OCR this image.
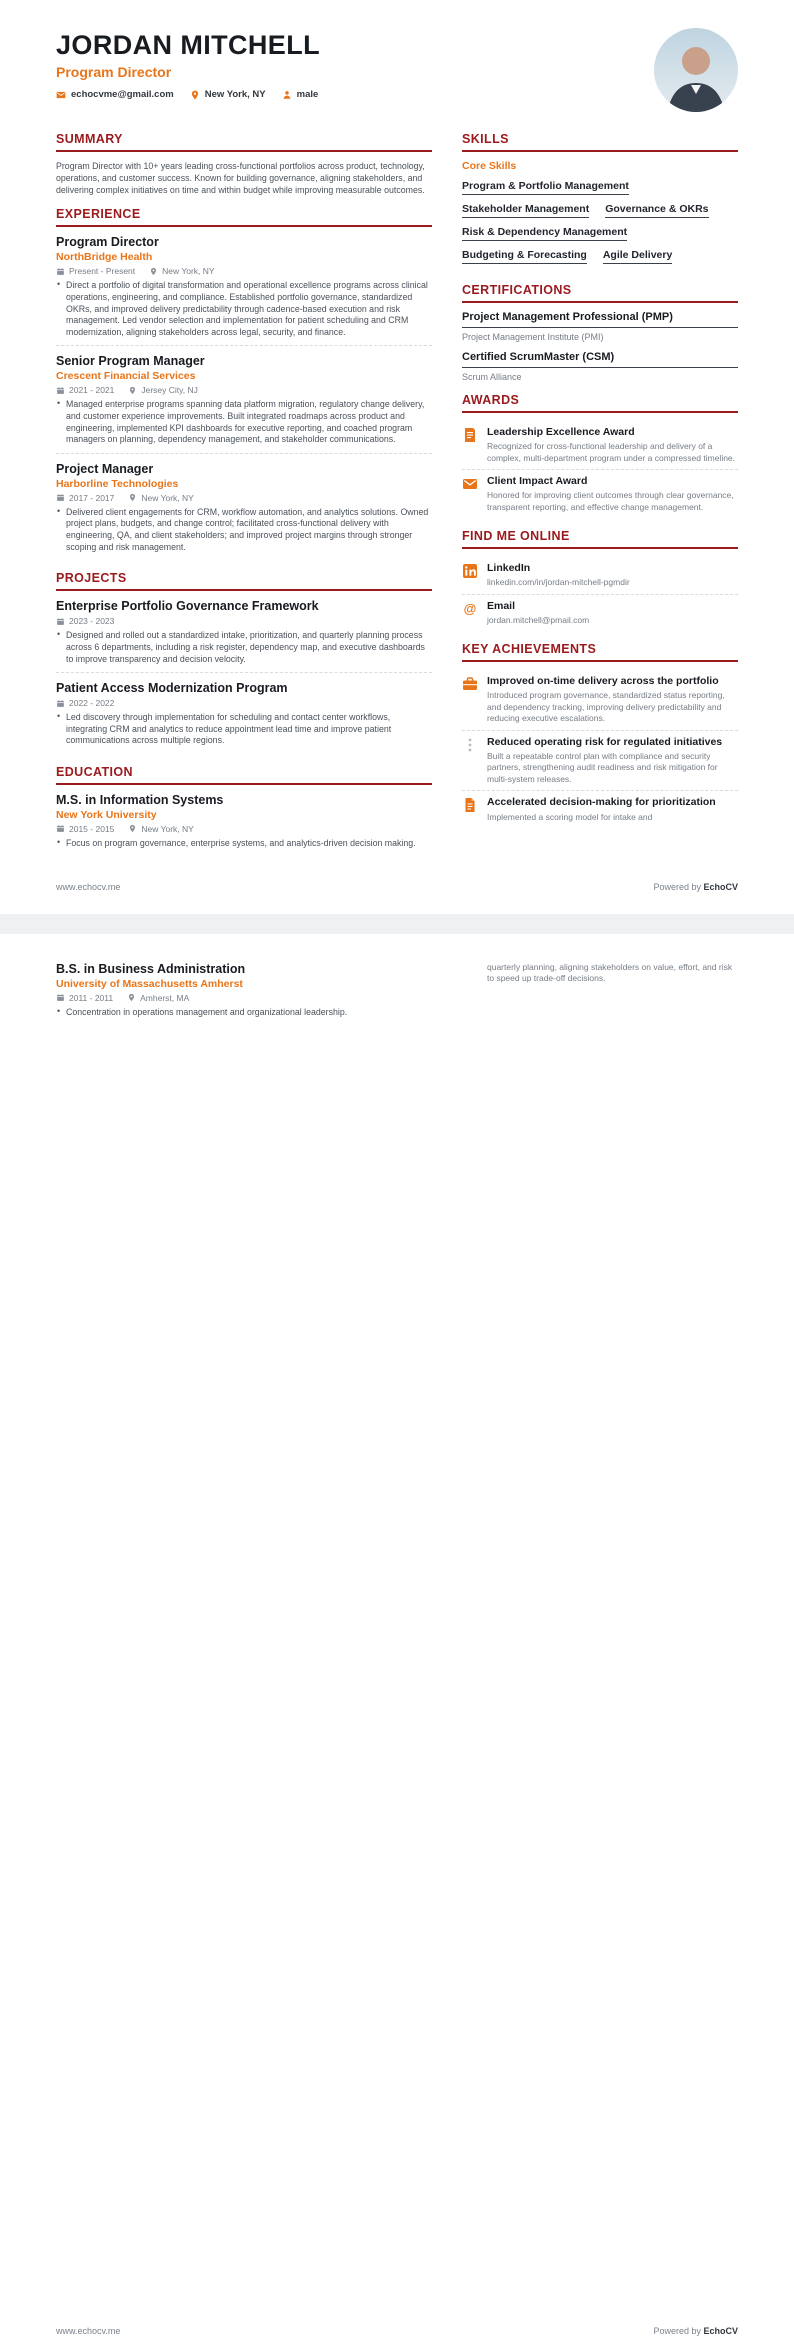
JORDAN MITCHELL
Program Director
echocvme@gmail.com	New York, NY	male
SUMMARY

Program Director with 10+ years leading cross-functional portfolios across product, technology, operations, and customer success. Known for building governance, aligning stakeholders, and delivering complex initiatives on time and within budget while improving measurable outcomes.

EXPERIENCE
Program Director
NorthBridge Health
Present - Present	New York, NY
• Direct a portfolio of digital transformation and operational excellence programs across clinical operations, engineering, and compliance. Established portfolio governance, standardized OKRs, and improved delivery predictability through cadence-based execution and risk management. Led vendor selection and implementation for patient scheduling and CRM modernization, aligning stakeholders across legal, security, and finance.
Senior Program Manager
Crescent Financial Services
2021 - 2021	Jersey City, NJ
• Managed enterprise programs spanning data platform migration, regulatory change delivery, and customer experience improvements. Built integrated roadmaps across product and engineering, implemented KPI dashboards for executive reporting, and coached program managers on planning, dependency management, and stakeholder communications.
Project Manager
Harborline Technologies
2017 - 2017	New York, NY
• Delivered client engagements for CRM, workflow automation, and analytics solutions. Owned project plans, budgets, and change control; facilitated cross-functional delivery with engineering, QA, and client stakeholders; and improved project margins through stronger scoping and risk management.
PROJECTS
Enterprise Portfolio Governance Framework
2023 - 2023
• Designed and rolled out a standardized intake, prioritization, and quarterly planning process across 6 departments, including a risk register, dependency map, and executive dashboards to improve transparency and decision velocity.
Patient Access Modernization Program
2022 - 2022
• Led discovery through implementation for scheduling and contact center workflows, integrating CRM and analytics to reduce appointment lead time and improve patient communications across multiple regions.
EDUCATION
M.S. in Information Systems
New York University
2015 - 2015	New York, NY
• Focus on program governance, enterprise systems, and analytics-driven decision making.
SKILLS
Core Skills
Program & Portfolio Management
Stakeholder Management Governance & OKRs
Risk & Dependency Management
Budgeting & Forecasting Agile Delivery
CERTIFICATIONS
Project Management Professional (PMP)
Project Management Institute (PMI)
Certified ScrumMaster (CSM)
Scrum Alliance
AWARDS
Leadership Excellence Award
Recognized for cross-functional leadership and delivery of a complex, multi-department program under a compressed timeline.
Client Impact Award
Honored for improving client outcomes through clear governance, transparent reporting, and effective change management.
FIND ME ONLINE
LinkedIn
linkedin.com/in/jordan-mitchell-pgmdir
@ Email
jordan.mitchell@pmail.com
KEY ACHIEVEMENTS
Improved on-time delivery across the portfolio
Introduced program governance, standardized status reporting, and dependency tracking, improving delivery predictability and reducing executive escalations.
Reduced operating risk for regulated initiatives
Built a repeatable control plan with compliance and security partners, strengthening audit readiness and risk mitigation for multi-system releases.
Accelerated decision-making for prioritization
Implemented a scoring model for intake and
www.echocv.me	Powered by EchoCV
B.S. in Business Administration
University of Massachusetts Amherst
2011 - 2011	Amherst, MA
• Concentration in operations management and organizational leadership.
quarterly planning, aligning stakeholders on value, effort, and risk to speed up trade-off decisions.
www.echocv.me	Powered by EchoCV
